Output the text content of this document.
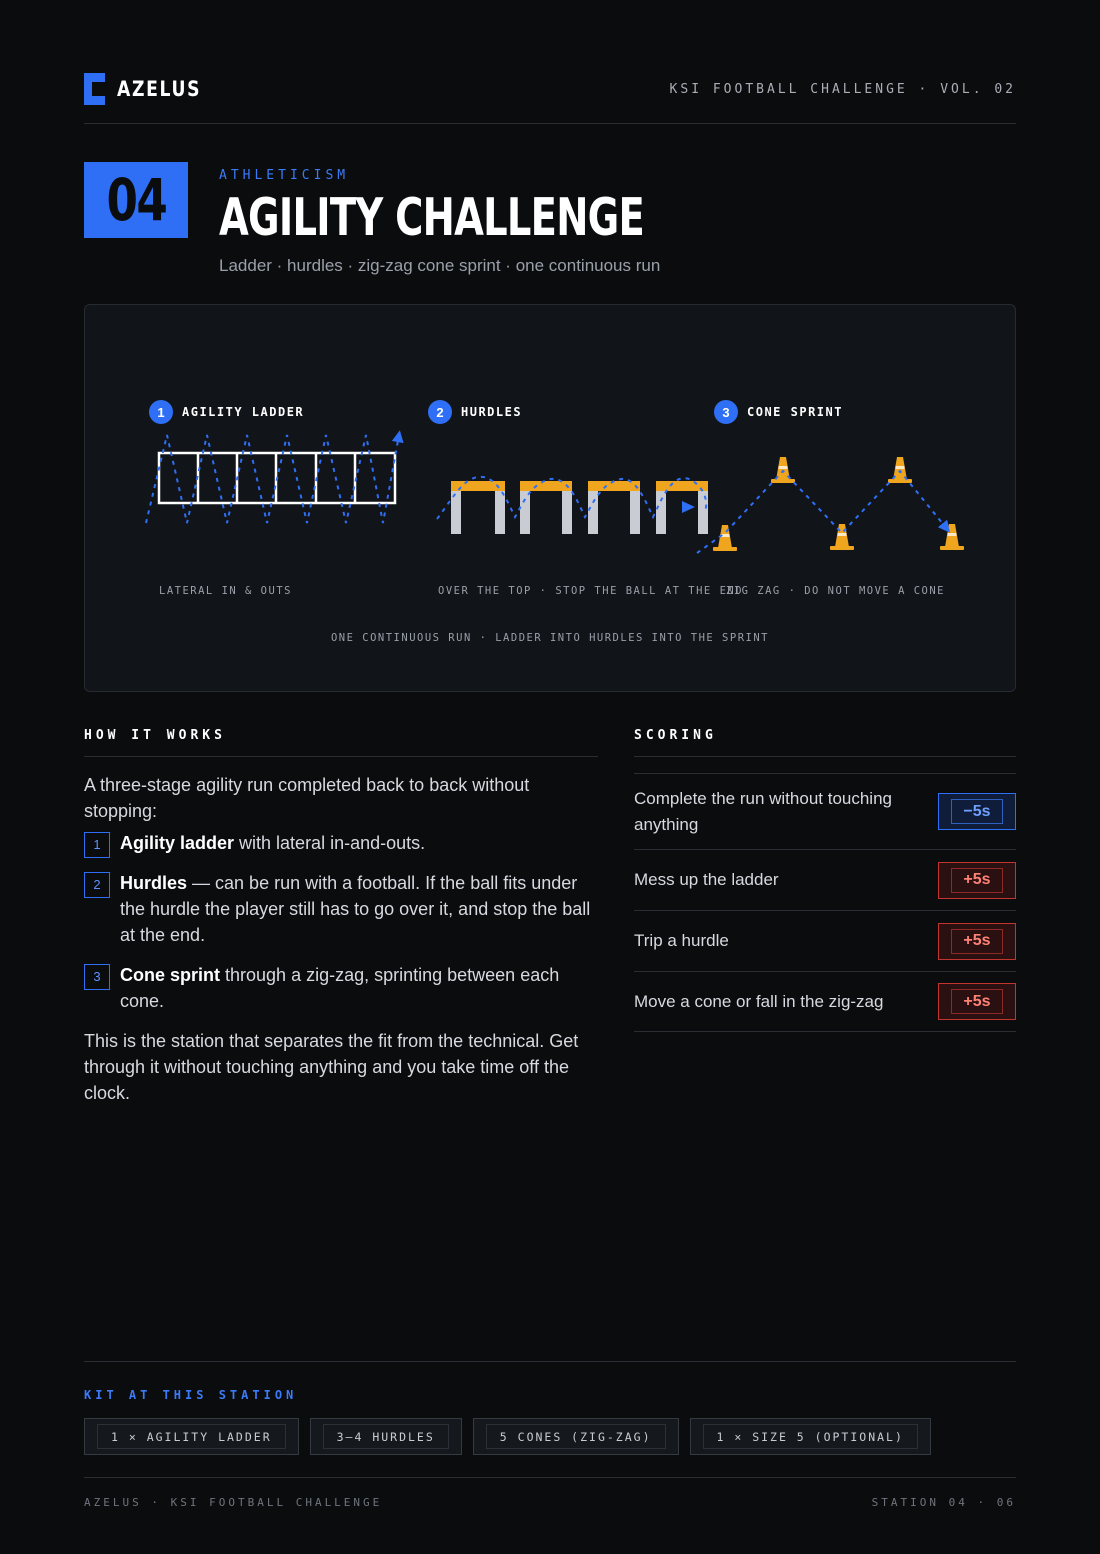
AZELUS	KSI FOOTBALL CHALLENGE · VOL. 02
04	ATHLETICISM
AGILITY CHALLENGE
Ladder · hurdles · zig-zag cone sprint · one continuous run
1	AGILITY LADDER	2	HURDLES	3	CONE SPRINT
LATERAL IN & OUTS	OVER THE TOP · STOP THE BALL AT THE END
ZIG ZAG · DO NOT MOVE A CONE
ONE CONTINUOUS RUN · LADDER INTO HURDLES INTO THE SPRINT
HOW IT WORKS

A three-stage agility run completed back to back without stopping:

1	Agility ladder with lateral in-and-outs.
2	Hurdles — can be run with a football. If the ball fits under the hurdle the player still has to go over it, and stop the ball at the end.
3	Cone sprint through a zig-zag, sprinting between each cone.

This is the station that separates the fit from the technical. Get through it without touching anything and you take time off the clock.

SCORING
Complete the run without touching anything
−5s
Mess up the ladder	+5s
Trip a hurdle	+5s
Move a cone or fall in the zig-zag	+5s
KIT AT THIS STATION
1 × AGILITY LADDER	3–4 HURDLES	5 CONES (ZIG-ZAG)	1 × SIZE 5 (OPTIONAL)
AZELUS · KSI FOOTBALL CHALLENGE	STATION 04 · 06
